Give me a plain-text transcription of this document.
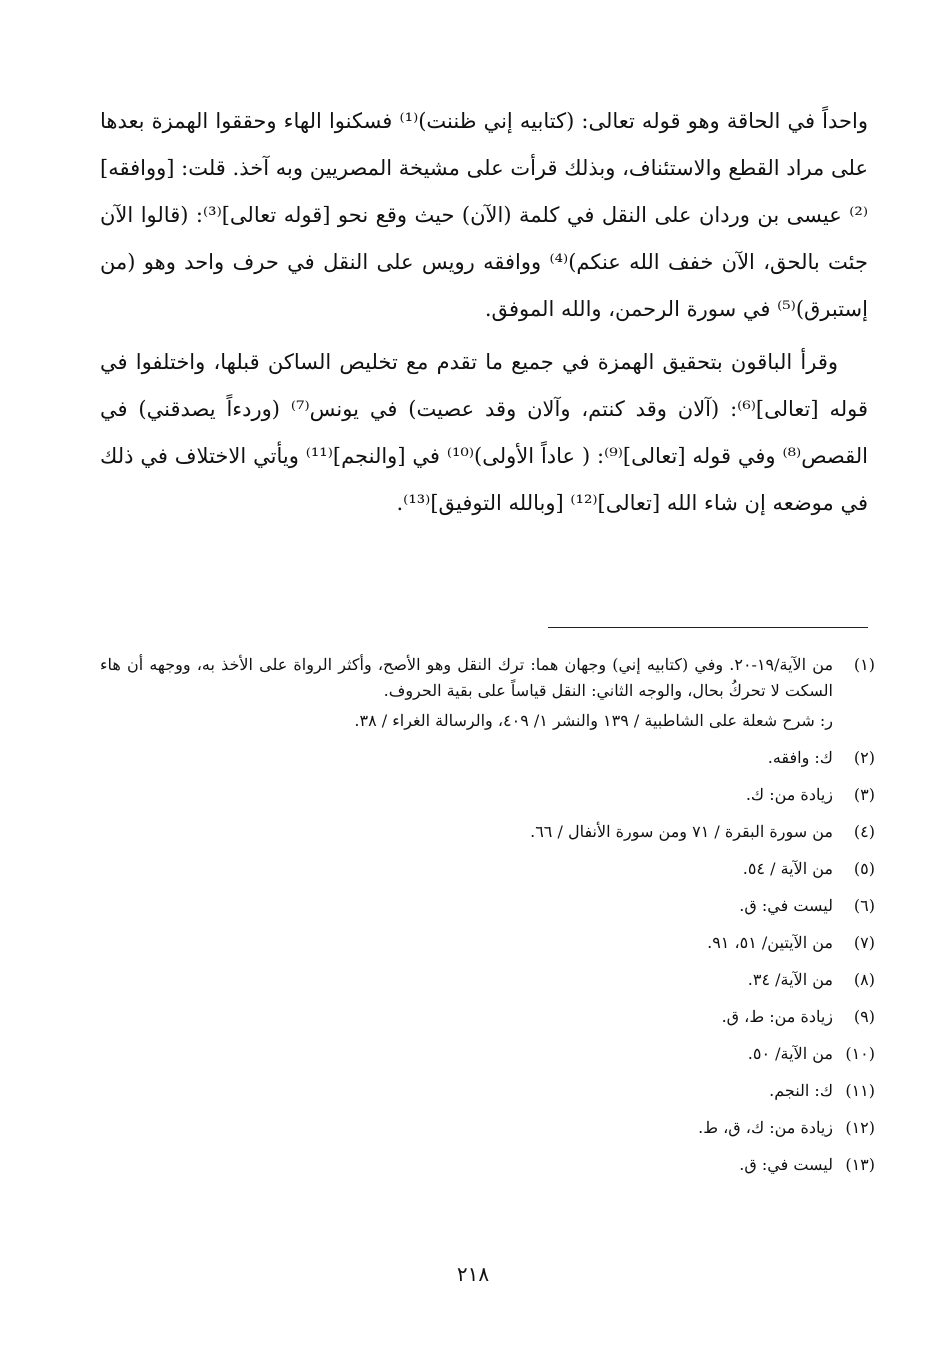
واحداً في الحاقة وهو قوله تعالى: (كتابيه إني ظننت)⁽¹⁾ فسكنوا الهاء وحققوا الهمزة بعدها على مراد القطع والاستئناف، وبذلك قرأت على مشيخة المصريين وبه آخذ. قلت: [ووافقه]⁽²⁾ عيسى بن وردان على النقل في كلمة (الآن) حيث وقع نحو [قوله تعالى]⁽³⁾: (قالوا الآن جئت بالحق، الآن خفف الله عنكم)⁽⁴⁾ ووافقه رويس على النقل في حرف واحد وهو (من إستبرق)⁽⁵⁾ في سورة الرحمن، والله الموفق.

وقرأ الباقون بتحقيق الهمزة في جميع ما تقدم مع تخليص الساكن قبلها، واختلفوا في قوله [تعالى]⁽⁶⁾: (آلان وقد كنتم، وآلان وقد عصيت) في يونس⁽⁷⁾ (وردءاً يصدقني) في القصص⁽⁸⁾ وفي قوله [تعالى]⁽⁹⁾: ( عاداً الأولى)⁽¹⁰⁾ في [والنجم]⁽¹¹⁾ ويأتي الاختلاف في ذلك في موضعه إن شاء الله [تعالى]⁽¹²⁾ [وبالله التوفيق]⁽¹³⁾.

(١)
من الآية/١٩-٢٠. وفي (كتابيه إني) وجهان هما: ترك النقل وهو الأصح، وأكثر الرواة على الأخذ به، ووجهه أن هاء السكت لا تحركُ بحال، والوجه الثاني: النقل قياساً على بقية الحروف.
ر: شرح شعلة على الشاطبية / ١٣٩ والنشر ١/ ٤٠٩، والرسالة الغراء / ٣٨.
(٢)
ك: وافقه.
(٣)
زيادة من: ك.
(٤)
من سورة البقرة / ٧١ ومن سورة الأنفال / ٦٦.
(٥)
من الآية / ٥٤.
(٦)
ليست في: ق.
(٧)
من الآيتين/ ٥١، ٩١.
(٨)
من الآية/ ٣٤.
(٩)
زيادة من: ط، ق.
(١٠)
من الآية/ ٥٠.
(١١)
ك: النجم.
(١٢)
زيادة من: ك، ق، ط.
(١٣)
ليست في: ق.
٢١٨
